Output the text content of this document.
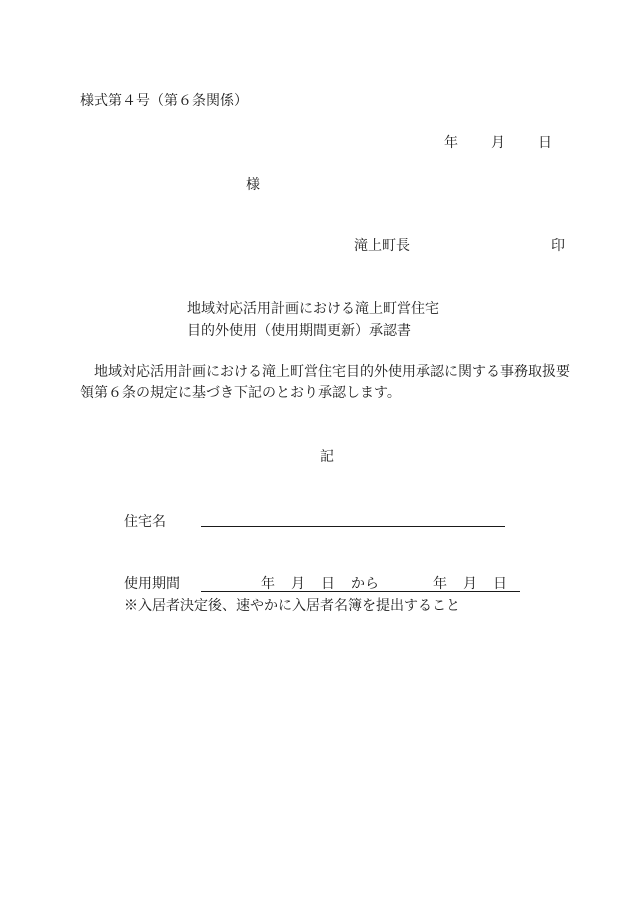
様式第４号（第６条関係）
年 月 日
様
滝上町長	印
地域対応活用計画における滝上町営住宅
目的外使用（使用期間更新）承認書
地域対応活用計画における滝上町営住宅目的外使用承認に関する事務取扱要領第６条の規定に基づき下記のとおり承認します。
記
住宅名
使用期間	年 月 日 から	年 月 日
※入居者決定後、速やかに入居者名簿を提出すること
